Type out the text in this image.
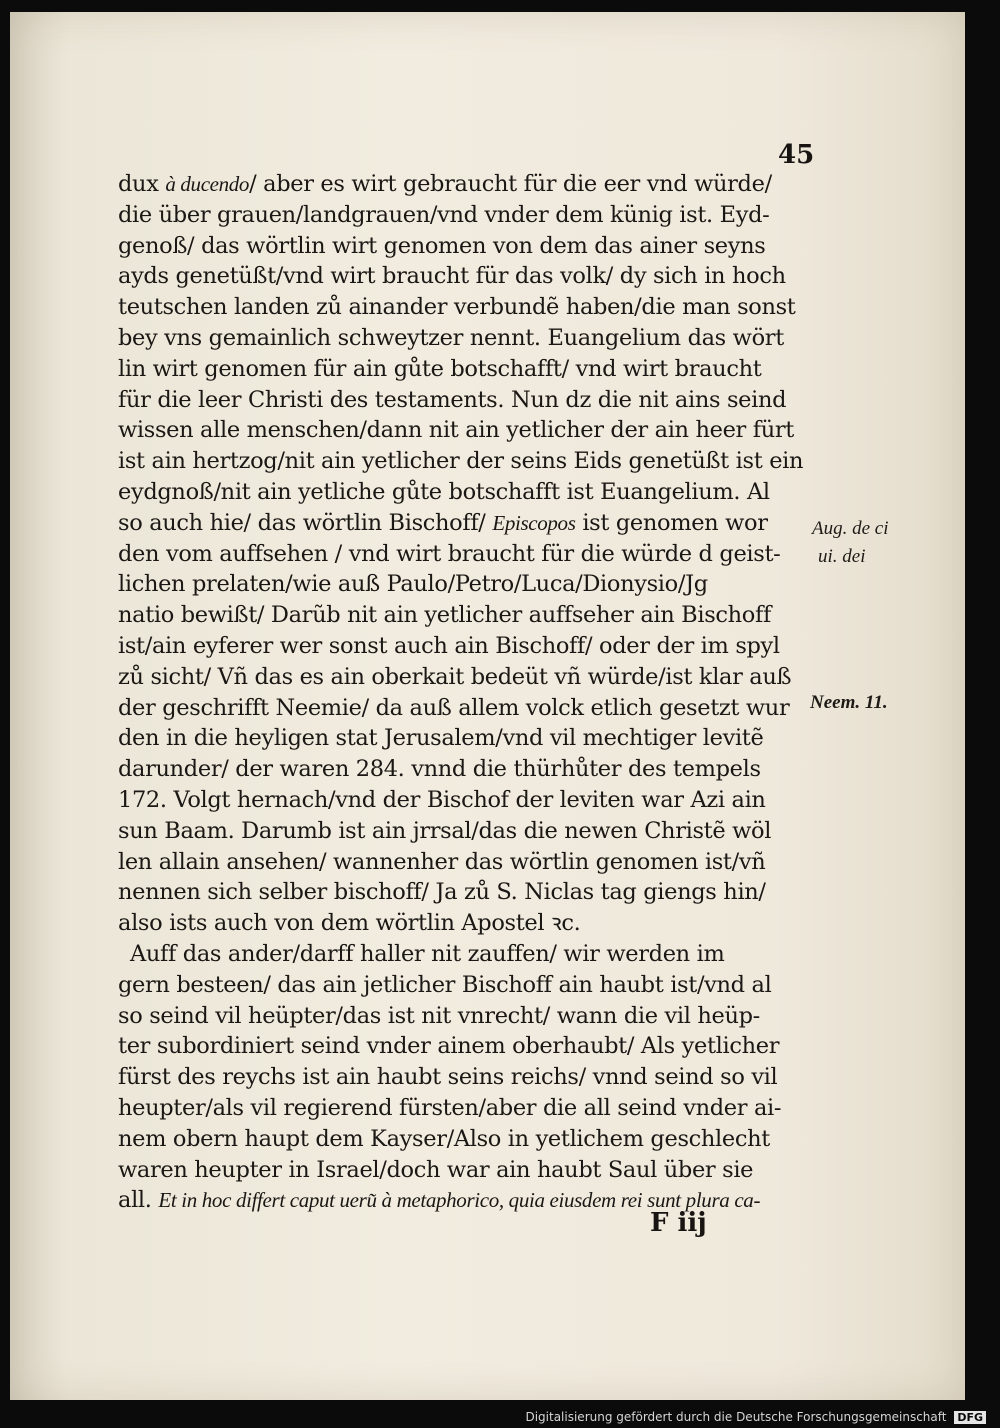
45
dux à ducendo/ aber es wirt gebraucht für die eer vnd würde/
die über grauen/landgrauen/vnd vnder dem künig ist. Eyd-
genoß/ das wörtlin wirt genomen von dem das ainer seyns
ayds genetüßt/vnd wirt braucht für das volk/ dy sich in hoch
teutschen landen zů ainander verbundẽ haben/die man sonst
bey vns gemainlich schweytzer nennt. Euangelium das wört
lin wirt genomen für ain gůte botschafft/ vnd wirt braucht
für die leer Christi des testaments. Nun dz die nit ains seind
wissen alle menschen/dann nit ain yetlicher der ain heer fürt
ist ain hertzog/nit ain yetlicher der seins Eids genetüßt ist ein
eydgnoß/nit ain yetliche gůte botschafft ist Euangelium. Al
so auch hie/ das wörtlin Bischoff/ Episcopos ist genomen wor
den vom auffsehen / vnd wirt braucht für die würde d geist-
lichen prelaten/wie auß Paulo/Petro/Luca/Dionysio/Jg
natio bewißt/ Darũb nit ain yetlicher auffseher ain Bischoff
ist/ain eyferer wer sonst auch ain Bischoff/ oder der im spyl
zů sicht/ Vñ das es ain oberkait bedeüt vñ würde/ist klar auß
der geschrifft Neemie/ da auß allem volck etlich gesetzt wur
den in die heyligen stat Jerusalem/vnd vil mechtiger levitẽ
darunder/ der waren 284. vnnd die thürhůter des tempels
172. Volgt hernach/vnd der Bischof der leviten war Azi ain
sun Baam. Darumb ist ain jrrsal/das die newen Christẽ wöl
len allain ansehen/ wannenher das wörtlin genomen ist/vñ
nennen sich selber bischoff/ Ja zů S. Niclas tag giengs hin/
also ists auch von dem wörtlin Apostel ꝛc.
Auff das ander/darff haller nit zauffen/ wir werden im
gern besteen/ das ain jetlicher Bischoff ain haubt ist/vnd al
so seind vil heüpter/das ist nit vnrecht/ wann die vil heüp-
ter subordiniert seind vnder ainem oberhaubt/ Als yetlicher
fürst des reychs ist ain haubt seins reichs/ vnnd seind so vil
heupter/als vil regierend fürsten/aber die all seind vnder ai-
nem obern haupt dem Kayser/Also in yetlichem geschlecht
waren heupter in Israel/doch war ain haubt Saul über sie
all. Et in hoc differt caput ueru͂ à metaphorico, quia eiusdem rei sunt plura ca-
Aug. de ci
ui. dei
Neem. 11.
F iij
Digitalisierung gefördert durch die Deutsche Forschungsgemeinschaft DFG
